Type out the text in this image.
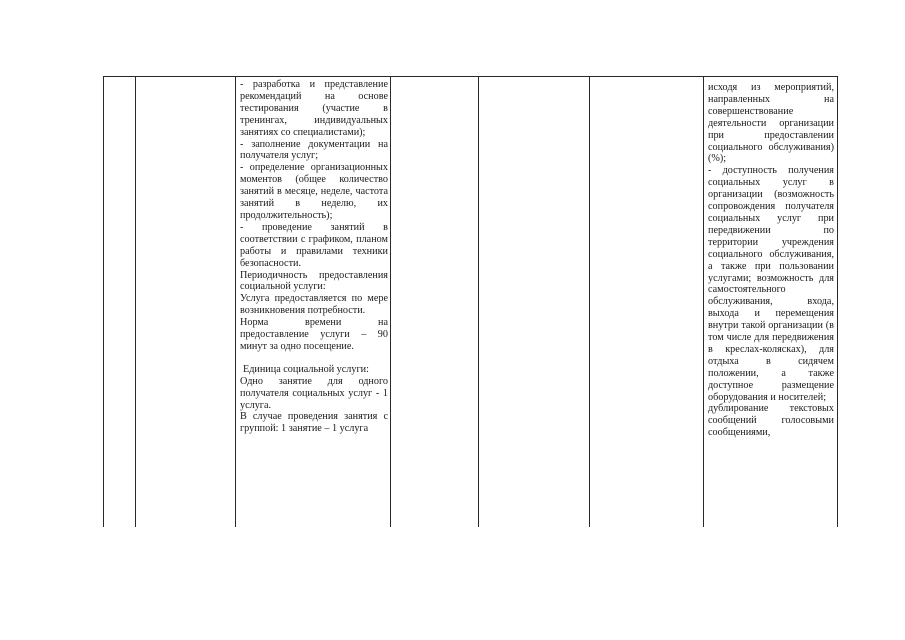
- разработка и представление рекомендаций на основе тестирования (участие в тренингах, индивидуальных занятиях со специалистами);

- заполнение документации на получателя услуг;

- определение организационных моментов (общее количество занятий в месяце, неделе, частота занятий в неделю, их продолжительность);

- проведение занятий в соответствии с графиком, планом работы и правилами техники безопасности.

Периодичность предоставления социальной услуги:

Услуга предоставляется по мере возникновения потребности.

Норма времени на предоставление услуги – 90 минут за одно посещение.

Единица социальной услуги:

Одно занятие для одного получателя социальных услуг - 1 услуга.

В случае проведения занятия с группой: 1 занятие – 1 услуга

исходя из мероприятий, направленных на совершенствование деятельности организации при предоставлении социального обслуживания) (%);

- доступность получения социальных услуг в организации (возможность сопровождения получателя социальных услуг при передвижении по территории учреждения социального обслуживания, а также при пользовании услугами; возможность для самостоятельного обслуживания, входа, выхода и перемещения внутри такой организации (в том числе для передвижения в креслах-колясках), для отдыха в сидячем положении, а также доступное размещение оборудования и носителей;

дублирование текстовых сообщений голосовыми сообщениями,
